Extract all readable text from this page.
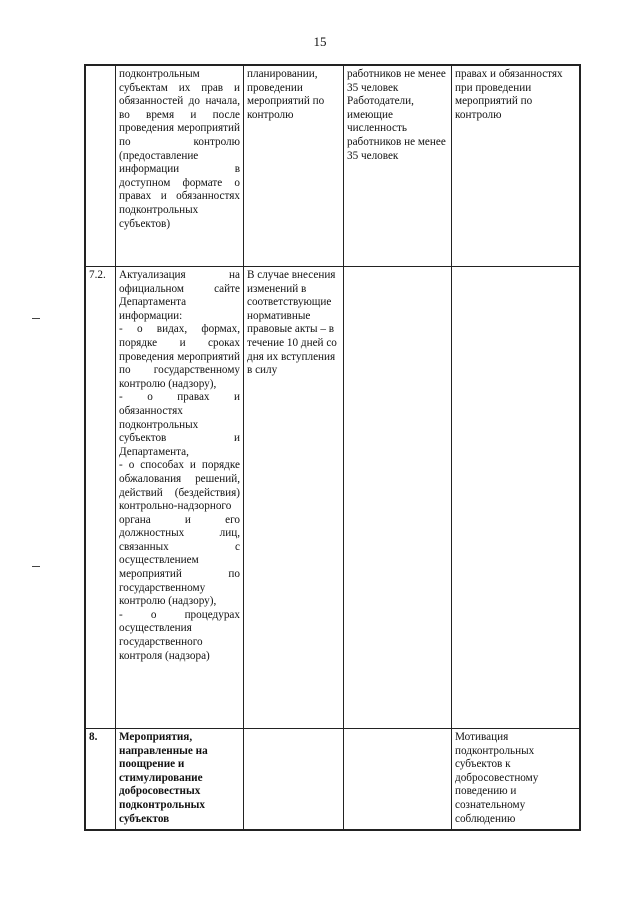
15

	подконтрольным субъектам их прав и обязанностей до начала, во время и после проведения мероприятий по контролю (предоставление информации в доступном формате о правах и обязанностях подконтрольных субъектов)	планировании, проведении мероприятий по контролю	работников не менее 35 человек Работодатели, имеющие численность работников не менее 35 человек	правах и обязанностях при проведении мероприятий по контролю

7.2.	Актуализация на официальном сайте Департамента информации:
- о видах, формах, порядке и сроках проведения мероприятий по государственному контролю (надзору),
- о правах и обязанностях подконтрольных субъектов и Департамента,
- о способах и порядке обжалования решений, действий (бездействия) контрольно-надзорного органа и его должностных лиц, связанных с осуществлением мероприятий по государственному контролю (надзору),
- о процедурах осуществления государственного контроля (надзора)	В случае внесения изменений в соответствующие нормативные правовые акты – в течение 10 дней со дня их вступления в силу		

8.	Мероприятия, направленные на поощрение и стимулирование добросовестных подконтрольных субъектов			Мотивация подконтрольных субъектов к добросовестному поведению и сознательному соблюдению
